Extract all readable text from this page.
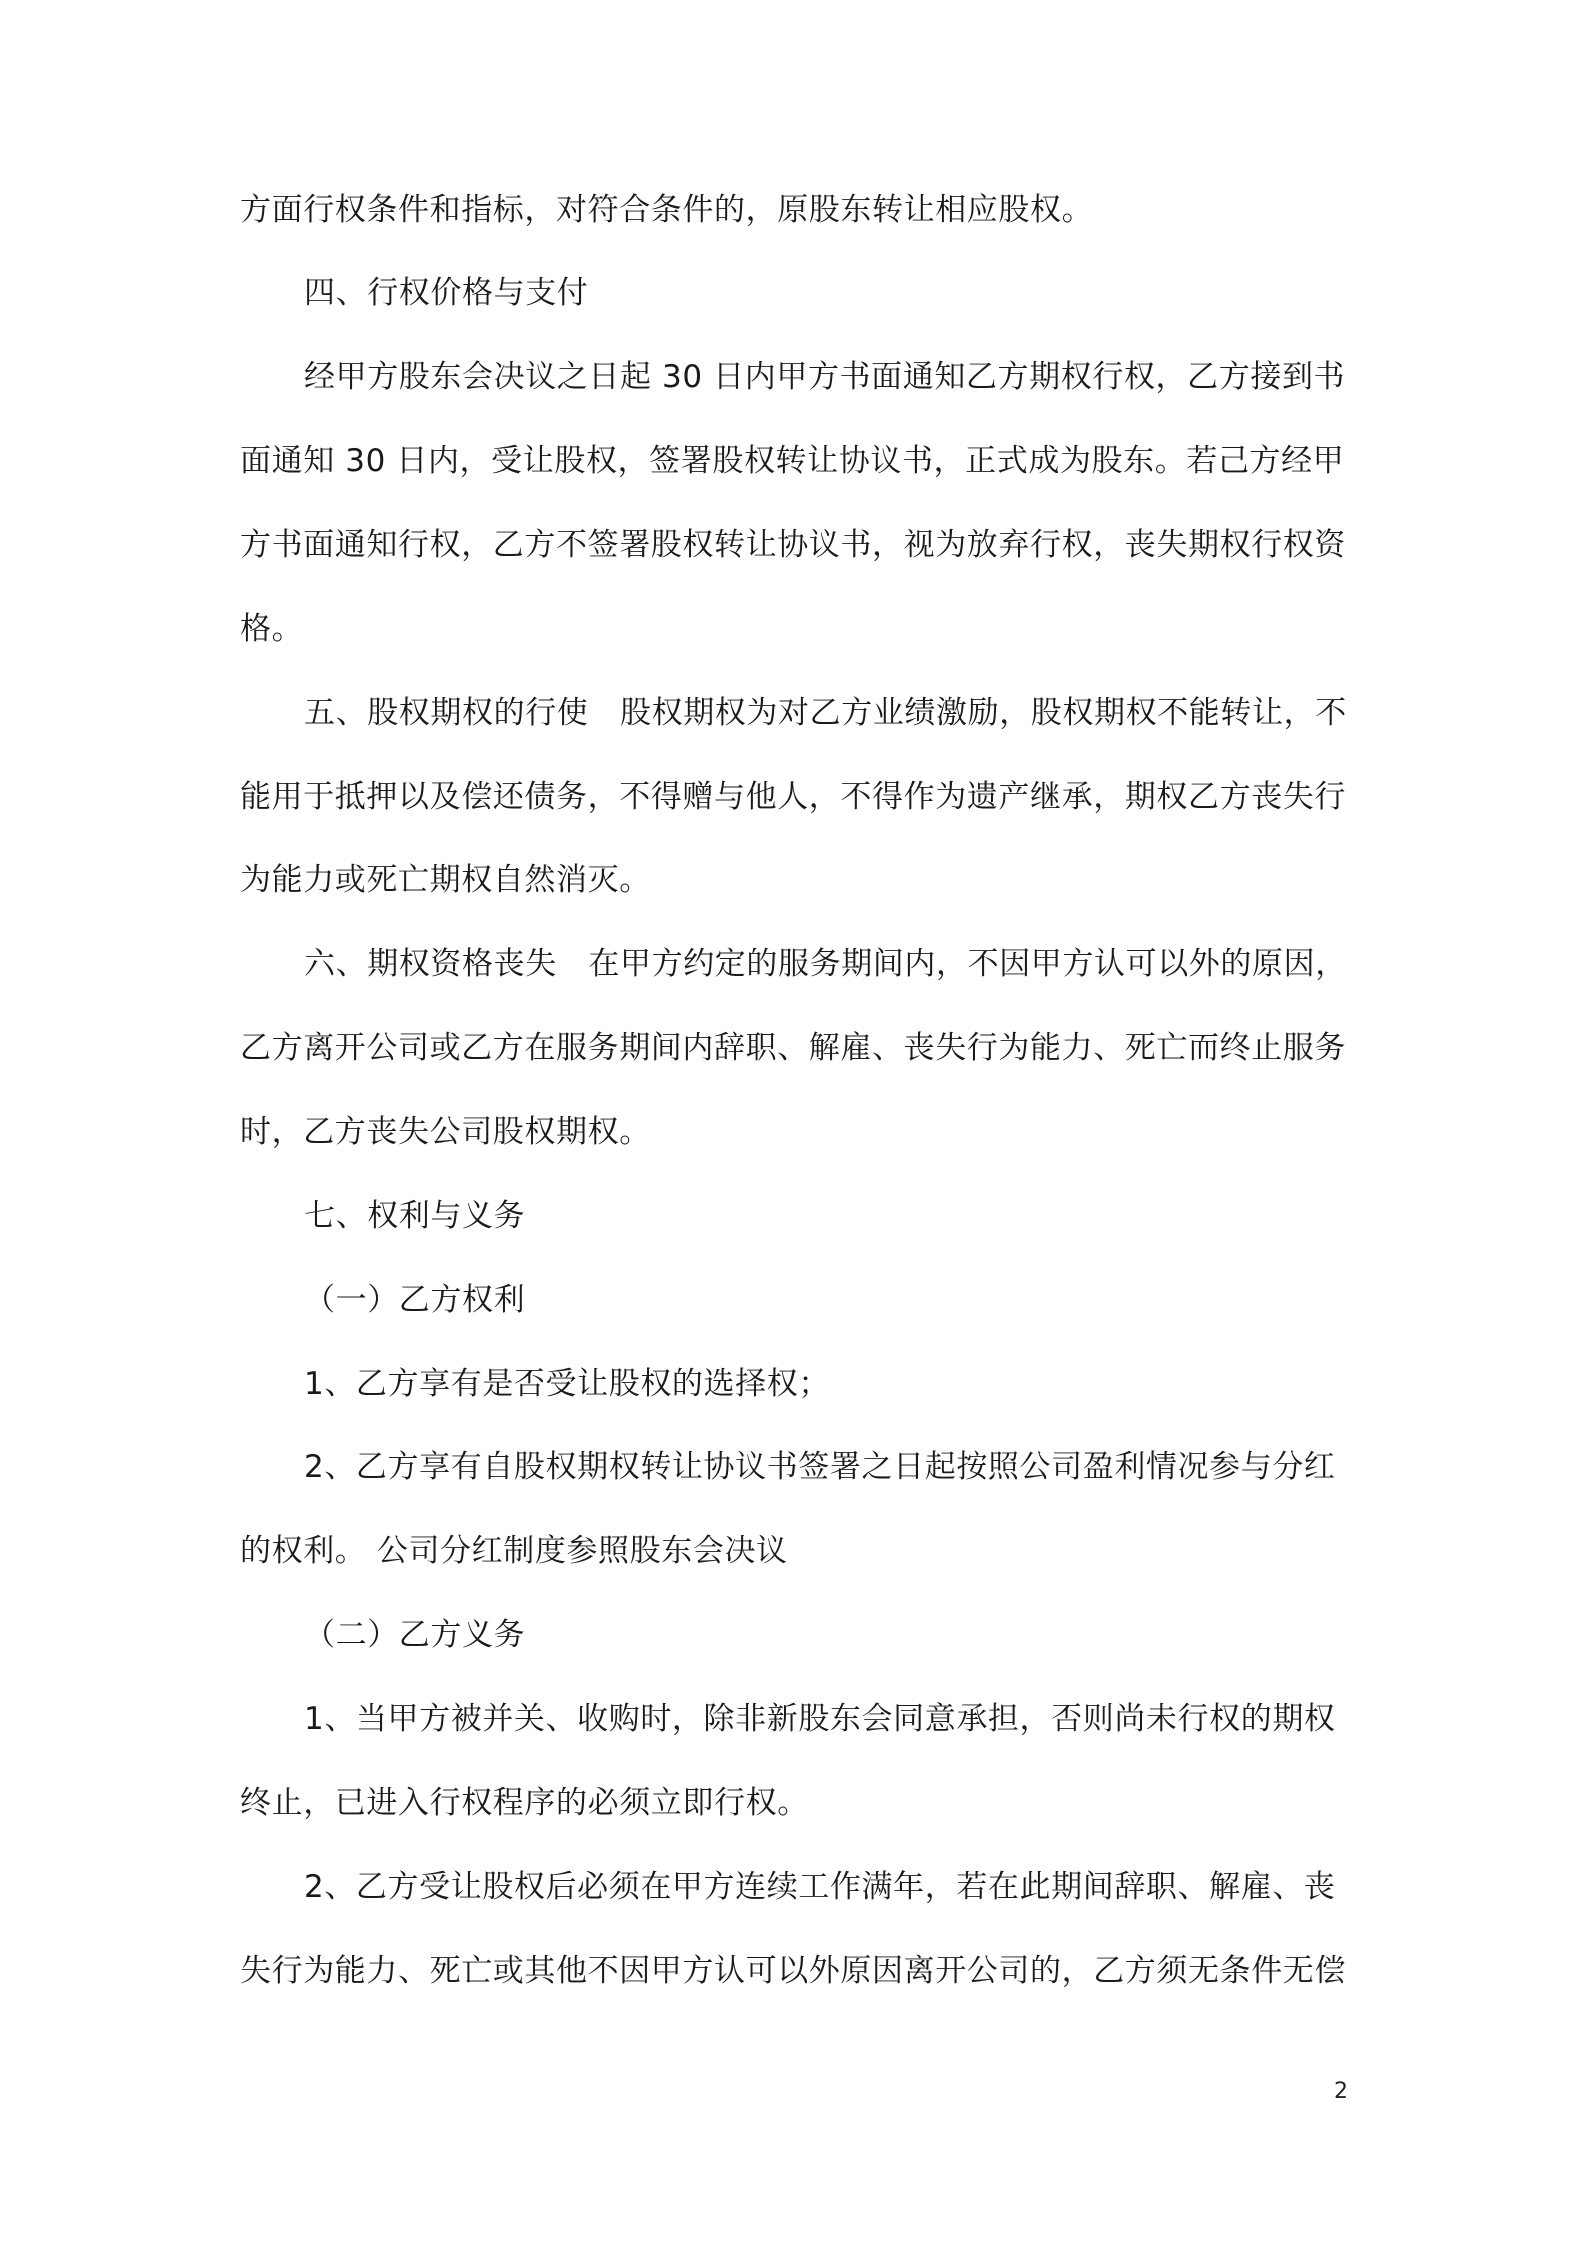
方面行权条件和指标，对符合条件的，原股东转让相应股权。
四、行权价格与支付
经甲方股东会决议之日起 30 日内甲方书面通知乙方期权行权，乙方接到书
面通知 30 日内，受让股权，签署股权转让协议书，正式成为股东。若己方经甲
方书面通知行权，乙方不签署股权转让协议书，视为放弃行权，丧失期权行权资
格。
五、股权期权的行使　股权期权为对乙方业绩激励，股权期权不能转让，不
能用于抵押以及偿还债务，不得赠与他人，不得作为遗产继承，期权乙方丧失行
为能力或死亡期权自然消灭。
六、期权资格丧失　在甲方约定的服务期间内，不因甲方认可以外的原因，
乙方离开公司或乙方在服务期间内辞职、解雇、丧失行为能力、死亡而终止服务
时，乙方丧失公司股权期权。
七、权利与义务
（一）乙方权利
1、乙方享有是否受让股权的选择权；
2、乙方享有自股权期权转让协议书签署之日起按照公司盈利情况参与分红
的权利。 公司分红制度参照股东会决议
（二）乙方义务
1、当甲方被并关、收购时，除非新股东会同意承担，否则尚未行权的期权
终止，已进入行权程序的必须立即行权。
2、乙方受让股权后必须在甲方连续工作满年，若在此期间辞职、解雇、丧
失行为能力、死亡或其他不因甲方认可以外原因离开公司的，乙方须无条件无偿
2
